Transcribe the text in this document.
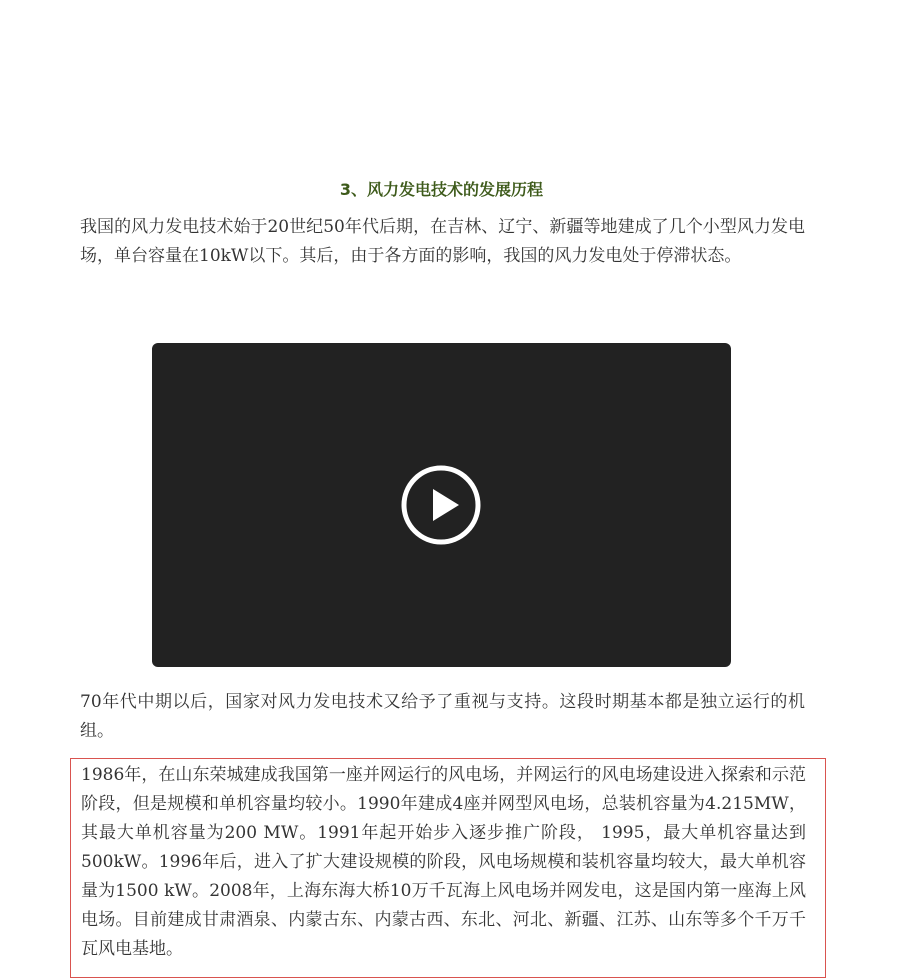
3、风力发电技术的发展历程

我国的风力发电技术始于20世纪50年代后期，在吉林、辽宁、新疆等地建成了几个小型风力发电场，单台容量在10kW以下。其后，由于各方面的影响，我国的风力发电处于停滞状态。

70年代中期以后，国家对风力发电技术又给予了重视与支持。这段时期基本都是独立运行的机组。

1986年，在山东荣城建成我国第一座并网运行的风电场，并网运行的风电场建设进入探索和示范阶段，但是规模和单机容量均较小。1990年建成4座并网型风电场，总装机容量为4.215MW，其最大单机容量为200 MW。1991年起开始步入逐步推广阶段， 1995，最大单机容量达到500kW。1996年后，进入了扩大建设规模的阶段，风电场规模和装机容量均较大，最大单机容量为1500 kW。2008年，上海东海大桥10万千瓦海上风电场并网发电，这是国内第一座海上风电场。目前建成甘肃酒泉、内蒙古东、内蒙古西、东北、河北、新疆、江苏、山东等多个千万千瓦风电基地。
